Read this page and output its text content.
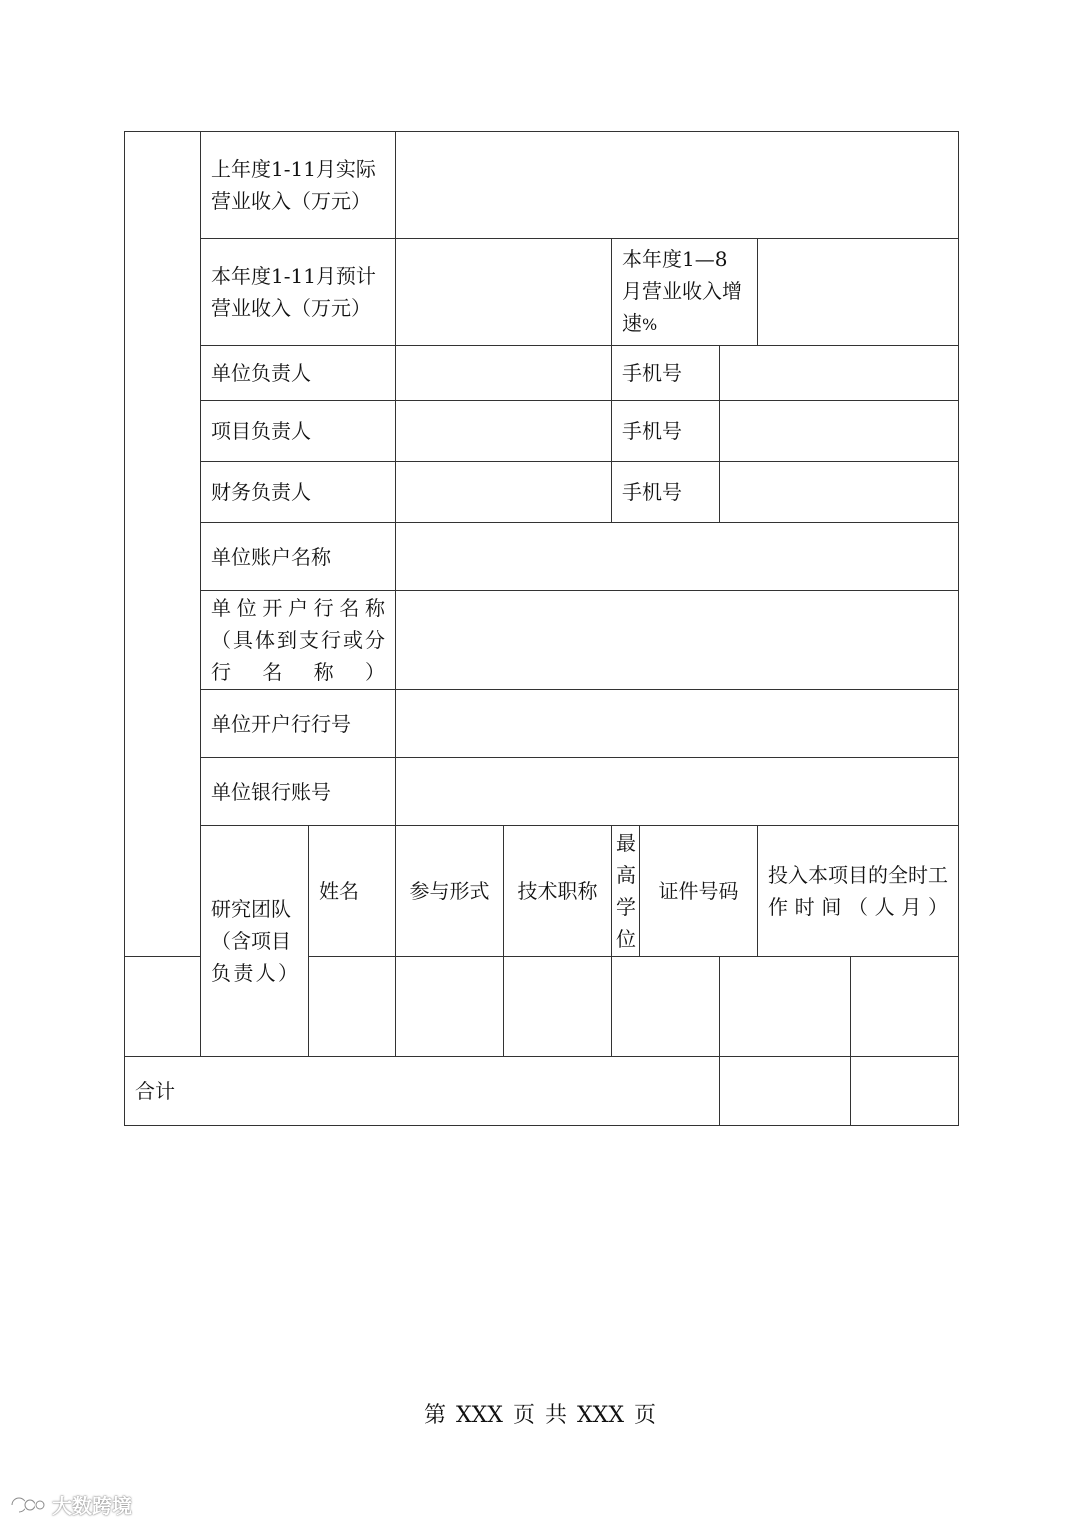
	上年度1-11月实际营业收入（万元）									
	本年度1-11月预计营业收入（万元）				本年度1—8月营业收入增速%					
	单位负责人				手机号					
	项目负责人				手机号					
	财务负责人				手机号					
	单位账户名称									
	单位开户行名称（具体到支行或分行名称）									
	单位开户行行号									
	单位银行账号									
	研究团队（含项目负责人）	姓名	参与形式	技术职称	最高学位	证件号码		投入本项目的全时工作时间（人月）	

合计										
第 XXX 页 共 XXX 页
大数跨境
